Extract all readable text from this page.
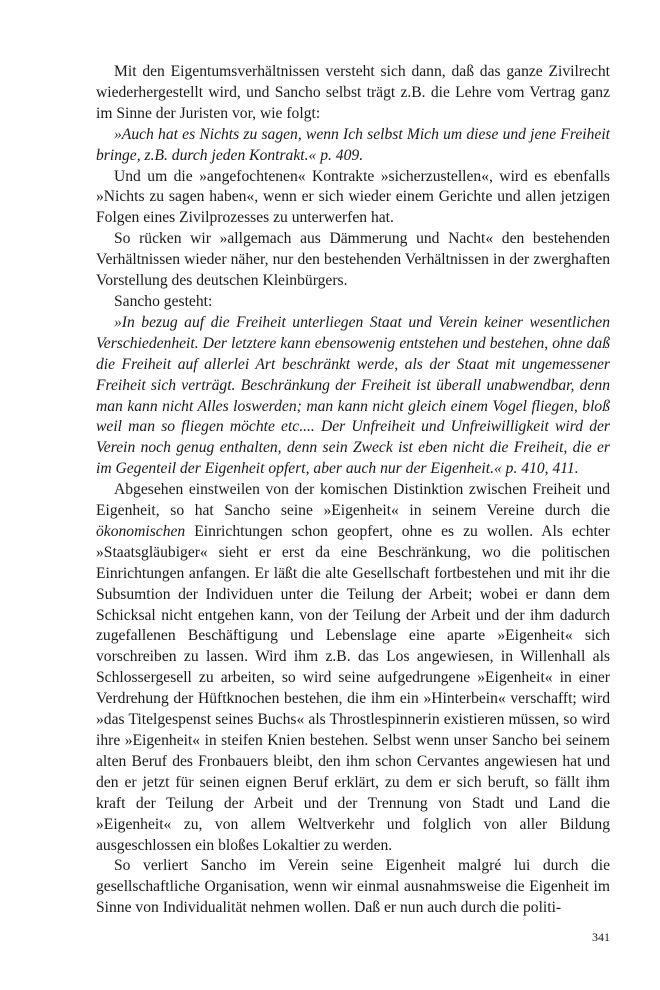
Mit den Eigentumsverhältnissen versteht sich dann, daß das ganze Zivilrecht wiederhergestellt wird, und Sancho selbst trägt z.B. die Lehre vom Vertrag ganz im Sinne der Juristen vor, wie folgt:

»Auch hat es Nichts zu sagen, wenn Ich selbst Mich um diese und jene Freiheit bringe, z.B. durch jeden Kontrakt.« p. 409.

Und um die »angefochtenen« Kontrakte »sicherzustellen«, wird es ebenfalls »Nichts zu sagen haben«, wenn er sich wieder einem Gerichte und allen jetzigen Folgen eines Zivilprozesses zu unterwerfen hat.

So rücken wir »allgemach aus Dämmerung und Nacht« den bestehenden Verhältnissen wieder näher, nur den bestehenden Verhältnissen in der zwerghaften Vorstellung des deutschen Kleinbürgers.

Sancho gesteht:

»In bezug auf die Freiheit unterliegen Staat und Verein keiner wesentlichen Verschiedenheit. Der letztere kann ebensowenig entstehen und bestehen, ohne daß die Freiheit auf allerlei Art beschränkt werde, als der Staat mit ungemessener Freiheit sich verträgt. Beschränkung der Freiheit ist überall unabwendbar, denn man kann nicht Alles loswerden; man kann nicht gleich einem Vogel fliegen, bloß weil man so fliegen möchte etc.... Der Unfreiheit und Unfreiwilligkeit wird der Verein noch genug enthalten, denn sein Zweck ist eben nicht die Freiheit, die er im Gegenteil der Eigenheit opfert, aber auch nur der Eigenheit.« p. 410, 411.

Abgesehen einstweilen von der komischen Distinktion zwischen Freiheit und Eigenheit, so hat Sancho seine »Eigenheit« in seinem Vereine durch die ökonomischen Einrichtungen schon geopfert, ohne es zu wollen. Als echter »Staatsgläubiger« sieht er erst da eine Beschränkung, wo die politischen Einrichtungen anfangen. Er läßt die alte Gesellschaft fortbestehen und mit ihr die Subsumtion der Individuen unter die Teilung der Arbeit; wobei er dann dem Schicksal nicht entgehen kann, von der Teilung der Arbeit und der ihm dadurch zugefallenen Beschäftigung und Lebenslage eine aparte »Eigenheit« sich vorschreiben zu lassen. Wird ihm z.B. das Los angewiesen, in Willenhall als Schlossergesell zu arbeiten, so wird seine aufgedrungene »Eigenheit« in einer Verdrehung der Hüftknochen bestehen, die ihm ein »Hinterbein« verschafft; wird »das Titelgespenst seines Buchs« als Throstlespinnerin existieren müssen, so wird ihre »Eigenheit« in steifen Knien bestehen. Selbst wenn unser Sancho bei seinem alten Beruf des Fronbauers bleibt, den ihm schon Cervantes angewiesen hat und den er jetzt für seinen eignen Beruf erklärt, zu dem er sich beruft, so fällt ihm kraft der Teilung der Arbeit und der Trennung von Stadt und Land die »Eigenheit« zu, von allem Weltverkehr und folglich von aller Bildung ausgeschlossen ein bloßes Lokaltier zu werden.

So verliert Sancho im Verein seine Eigenheit malgré lui durch die gesellschaftliche Organisation, wenn wir einmal ausnahmsweise die Eigenheit im Sinne von Individualität nehmen wollen. Daß er nun auch durch die politi-

341
